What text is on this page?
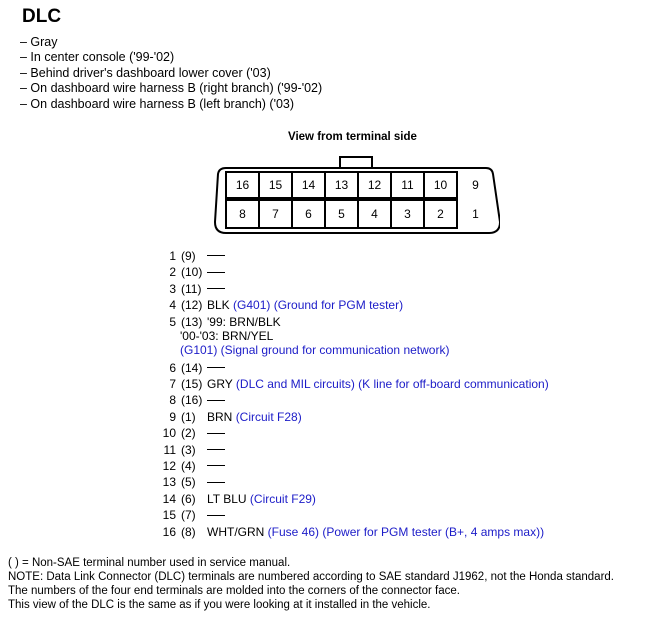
DLC
– Gray
– In center console ('99-'02)
– Behind driver's dashboard lower cover ('03)
– On dashboard wire harness B (right branch) ('99-'02)
– On dashboard wire harness B (left branch) ('03)
View from terminal side
16 15 14 13 12 11 10 9
8 7 6 5 4 3 2 1
1 (9)
2 (10)
3 (11)
4 (12) BLK (G401) (Ground for PGM tester)
5 (13) '99: BRN/BLK
'00-'03: BRN/YEL
(G101) (Signal ground for communication network)
6 (14)
7 (15) GRY (DLC and MIL circuits) (K line for off-board communication)
8 (16)
9 (1) BRN (Circuit F28)
10 (2)
11 (3)
12 (4)
13 (5)
14 (6) LT BLU (Circuit F29)
15 (7)
16 (8) WHT/GRN (Fuse 46) (Power for PGM tester (B+, 4 amps max))
( ) = Non-SAE terminal number used in service manual.
NOTE: Data Link Connector (DLC) terminals are numbered according to SAE standard J1962, not the Honda standard.
The numbers of the four end terminals are molded into the corners of the connector face.
This view of the DLC is the same as if you were looking at it installed in the vehicle.
